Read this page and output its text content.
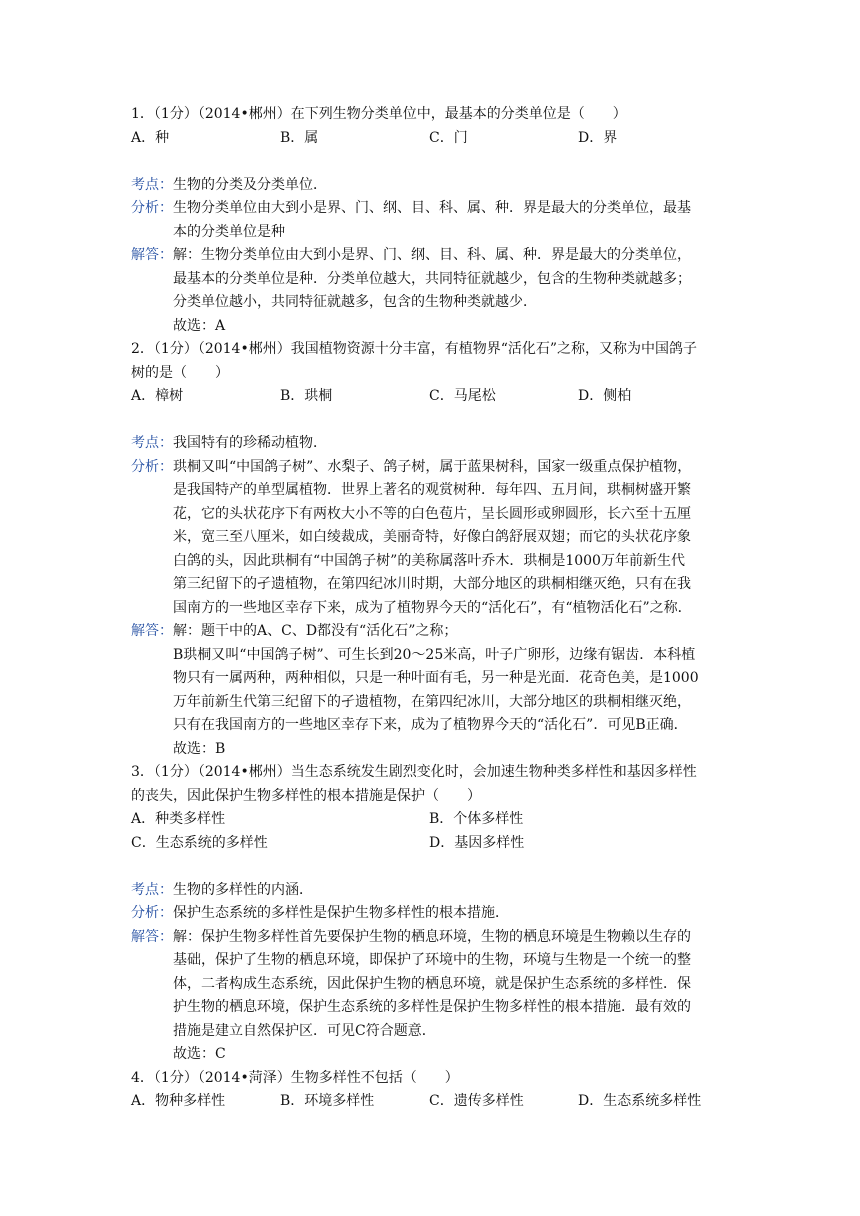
1．（1分）（2014•郴州）在下列生物分类单位中，最基本的分类单位是（　　）
A．种	B．属	C．门	D．界
考点： 生物的分类及分类单位．
分析： 生物分类单位由大到小是界、门、纲、目、科、属、种．界是最大的分类单位，最基
本的分类单位是种
解答： 解：生物分类单位由大到小是界、门、纲、目、科、属、种．界是最大的分类单位，
最基本的分类单位是种．分类单位越大，共同特征就越少，包含的生物种类就越多；
分类单位越小，共同特征就越多，包含的生物种类就越少．
故选：A
2．（1分）（2014•郴州）我国植物资源十分丰富，有植物界“活化石”之称，又称为中国鸽子
树的是（　　）
A．樟树	B．珙桐	C．马尾松	D．侧柏
考点： 我国特有的珍稀动植物．
分析： 珙桐又叫“中国鸽子树”、水梨子、鸽子树，属于蓝果树科，国家一级重点保护植物，
是我国特产的单型属植物．世界上著名的观赏树种．每年四、五月间，珙桐树盛开繁
花，它的头状花序下有两枚大小不等的白色苞片，呈长圆形或卵圆形，长六至十五厘
米，宽三至八厘米，如白绫裁成，美丽奇特，好像白鸽舒展双翅；而它的头状花序象
白鸽的头，因此珙桐有“中国鸽子树”的美称属落叶乔木．珙桐是1000万年前新生代
第三纪留下的孑遗植物，在第四纪冰川时期，大部分地区的珙桐相继灭绝，只有在我
国南方的一些地区幸存下来，成为了植物界今天的“活化石”，有“植物活化石”之称．
解答： 解：题干中的A、C、D都没有“活化石”之称；
B珙桐又叫“中国鸽子树”、可生长到20～25米高，叶子广卵形，边缘有锯齿．本科植
物只有一属两种，两种相似，只是一种叶面有毛，另一种是光面．花奇色美，是1000
万年前新生代第三纪留下的孑遗植物，在第四纪冰川，大部分地区的珙桐相继灭绝，
只有在我国南方的一些地区幸存下来，成为了植物界今天的“活化石”．可见B正确．
故选：B
3．（1分）（2014•郴州）当生态系统发生剧烈变化时，会加速生物种类多样性和基因多样性
的丧失，因此保护生物多样性的根本措施是保护（　　）
A．种类多样性	B．个体多样性
C．生态系统的多样性	D．基因多样性
考点： 生物的多样性的内涵．
分析： 保护生态系统的多样性是保护生物多样性的根本措施．
解答： 解：保护生物多样性首先要保护生物的栖息环境，生物的栖息环境是生物赖以生存的
基础，保护了生物的栖息环境，即保护了环境中的生物，环境与生物是一个统一的整
体，二者构成生态系统，因此保护生物的栖息环境，就是保护生态系统的多样性．保
护生物的栖息环境，保护生态系统的多样性是保护生物多样性的根本措施．最有效的
措施是建立自然保护区．可见C符合题意．
故选：C
4．（1分）（2014•菏泽）生物多样性不包括（　　）
A．物种多样性	B．环境多样性	C．遗传多样性	D．生态系统多样性
